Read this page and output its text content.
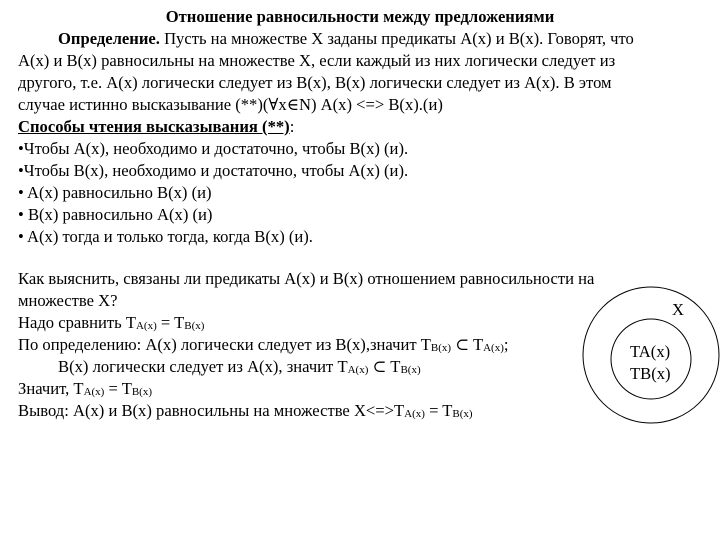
Отношение равносильности между предложениями
Определение. Пусть на множестве X заданы предикаты A(x) и B(x). Говорят, что
A(x) и B(x) равносильны на множестве X, если каждый из них логически следует из
другого, т.е. A(x) логически следует из B(x), B(x) логически следует из A(x). В этом
случае истинно высказывание (**)(∀x∈N) A(x) <=> B(x).(и)
Способы чтения высказывания (**):
•Чтобы A(x), необходимо и достаточно, чтобы B(x) (и).
•Чтобы B(x), необходимо и достаточно, чтобы A(x) (и).
• A(x) равносильно B(x) (и)
• B(x) равносильно A(x) (и)
• A(x) тогда и только тогда, когда B(x) (и).
Как выяснить, связаны ли предикаты A(x) и B(x) отношением равносильности на
множестве X?
Надо сравнить TA(x) = TB(x)
По определению: A(x) логически следует из B(x),значит TB(x) ⊂ TA(x);
B(x) логически следует из A(x), значит TA(x) ⊂ TB(x)
Значит, TA(x) = TB(x)
Вывод: A(x) и B(x) равносильны на множестве X<=>TA(x) = TB(x)
X
TA(x)
TB(x)
